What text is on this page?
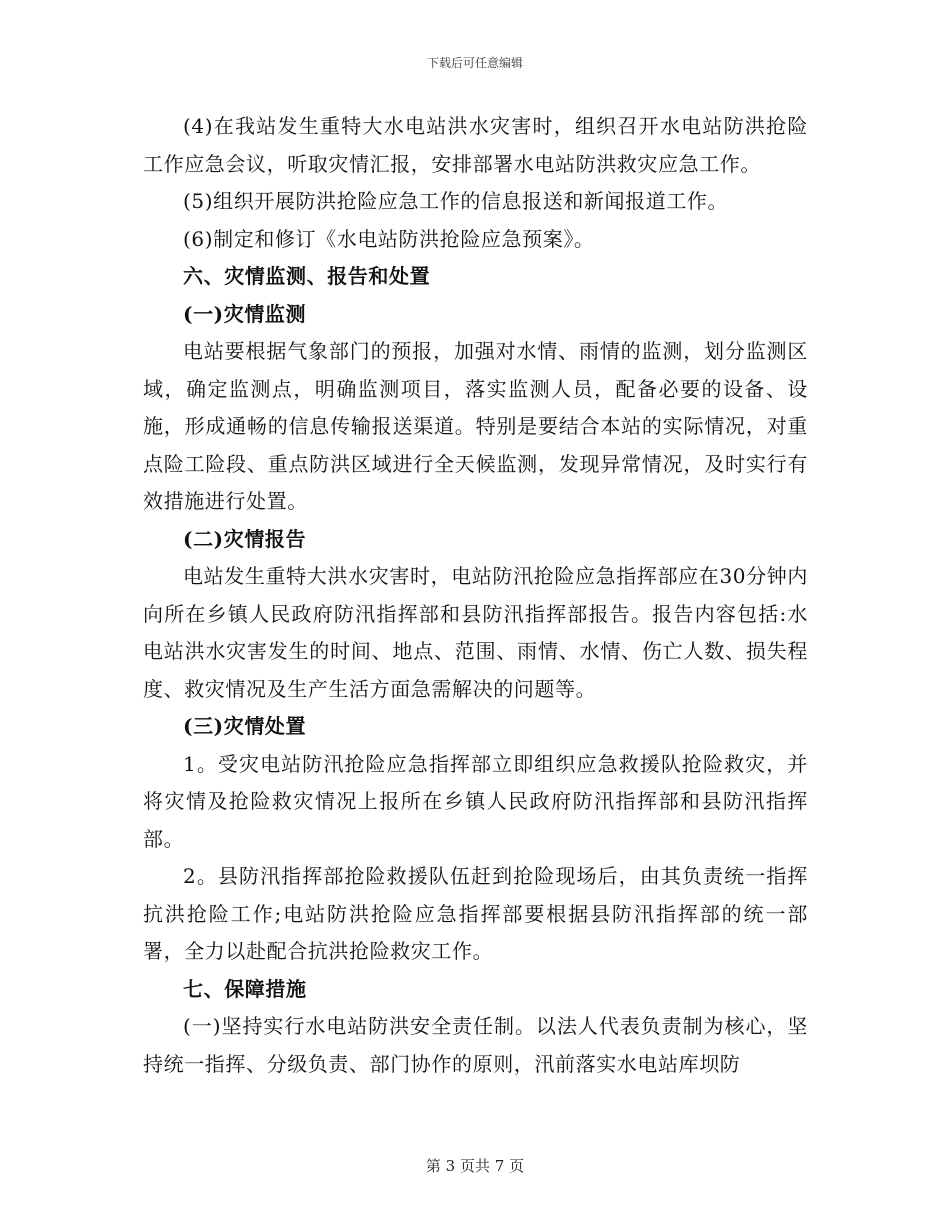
下载后可任意编辑

(4)在我站发生重特大水电站洪水灾害时，组织召开水电站防洪抢险工作应急会议，听取灾情汇报，安排部署水电站防洪救灾应急工作。

(5)组织开展防洪抢险应急工作的信息报送和新闻报道工作。

(6)制定和修订《水电站防洪抢险应急预案》。

六、灾情监测、报告和处置

(一)灾情监测

电站要根据气象部门的预报，加强对水情、雨情的监测，划分监测区域，确定监测点，明确监测项目，落实监测人员，配备必要的设备、设施，形成通畅的信息传输报送渠道。特别是要结合本站的实际情况，对重点险工险段、重点防洪区域进行全天候监测，发现异常情况，及时实行有效措施进行处置。

(二)灾情报告

电站发生重特大洪水灾害时，电站防汛抢险应急指挥部应在30分钟内向所在乡镇人民政府防汛指挥部和县防汛指挥部报告。报告内容包括:水电站洪水灾害发生的时间、地点、范围、雨情、水情、伤亡人数、损失程度、救灾情况及生产生活方面急需解决的问题等。

(三)灾情处置

1。受灾电站防汛抢险应急指挥部立即组织应急救援队抢险救灾，并将灾情及抢险救灾情况上报所在乡镇人民政府防汛指挥部和县防汛指挥部。

2。县防汛指挥部抢险救援队伍赶到抢险现场后，由其负责统一指挥抗洪抢险工作;电站防洪抢险应急指挥部要根据县防汛指挥部的统一部署，全力以赴配合抗洪抢险救灾工作。

七、保障措施

(一)坚持实行水电站防洪安全责任制。以法人代表负责制为核心，坚持统一指挥、分级负责、部门协作的原则，汛前落实水电站库坝防

第 3 页共 7 页
